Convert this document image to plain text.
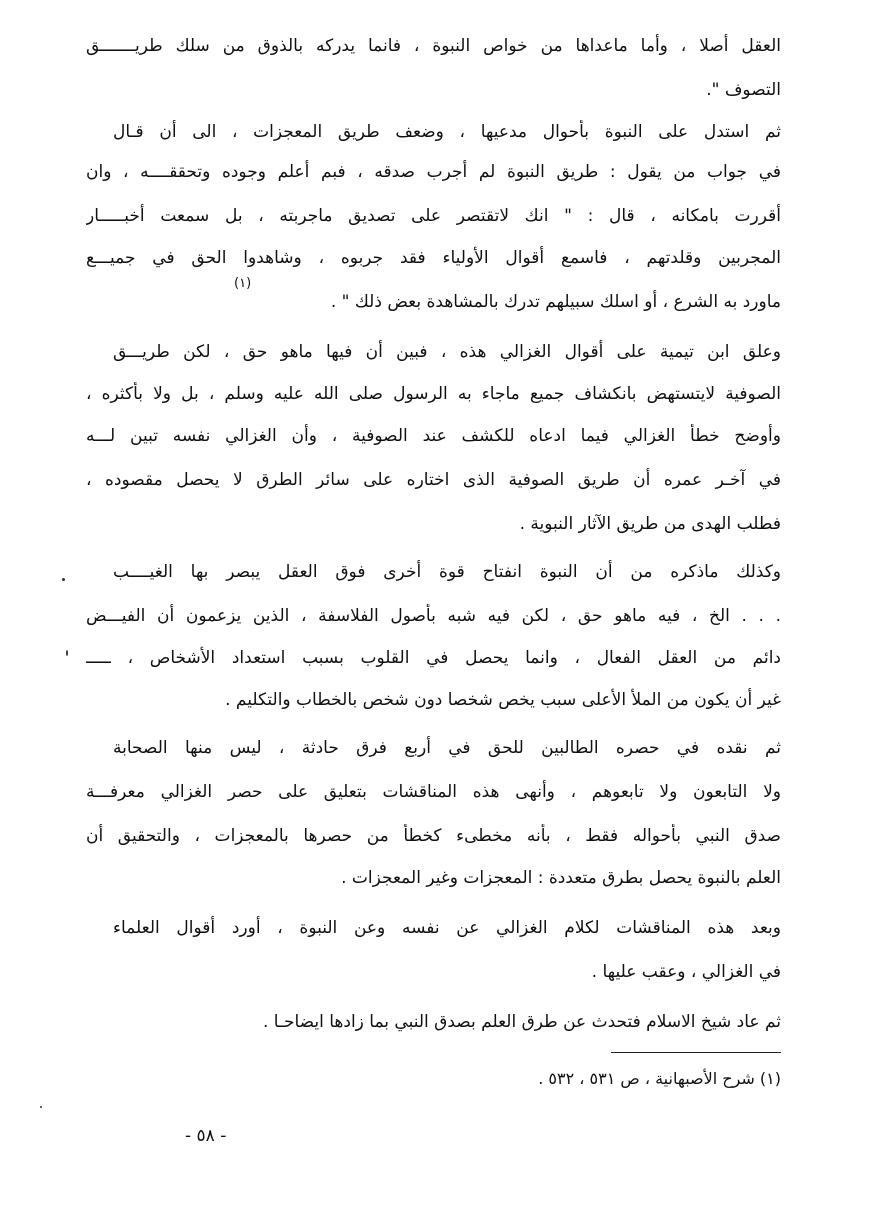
العقل أصلا ، وأما ماعداها من خواص النبوة ، فانما يدركه بالذوق من سلك طريـــــــق
التصوف ".
ثم استدل على النبوة بأحوال مدعيها ، وضعف طريق المعجزات ، الى أن قـال
في جواب من يقول : طريق النبوة لم أجرب صدقه ، فبم أعلم وجوده وتحققــــه ، وان
أقررت بامكانه ، قال : " انك لاتقتصر على تصديق ماجربته ، بل سمعت أخبـــــار
المجربين وقلدتهم ، فاسمع أقوال الأولياء فقد جربوه ، وشاهدوا الحق في جميـــع
ماورد به الشرع ، أو اسلك سبيلهم تدرك بالمشاهدة بعض ذلك " .
(١)
وعلق ابن تيمية على أقوال الغزالي هذه ، فبين أن فيها ماهو حق ، لكن طريـــق
الصوفية لايتستهض بانكشاف جميع ماجاء به الرسول صلى الله عليه وسلم ، بل ولا بأكثره ،
وأوضح خطأ الغزالي فيما ادعاه للكشف عند الصوفية ، وأن الغزالي نفسه تبين لـــه
في آخـر عمره أن طريق الصوفية الذى اختاره على سائر الطرق لا يحصل مقصوده ،
فطلب الهدى من طريق الآثار النبوية .
وكذلك ماذكره من أن النبوة انفتاح قوة أخرى فوق العقل يبصر بها الغيــــب
. . . الخ ، فيه ماهو حق ، لكن فيه شبه بأصول الفلاسفة ، الذين يزعمون أن الفيـــض
دائم من العقل الفعال ، وانما يحصل في القلوب بسبب استعداد الأشخاص ، ـــــ
غير أن يكون من الملأ الأعلى سبب يخص شخصا دون شخص بالخطاب والتكليم .
ثم نقده في حصره الطالبين للحق في أربع فرق حادثة ، ليس منها الصحابة
ولا التابعون ولا تابعوهم ، وأنهى هذه المناقشات بتعليق على حصر الغزالي معرفـــة
صدق النبي بأحواله فقط ، بأنه مخطىء كخطأ من حصرها بالمعجزات ، والتحقيق أن
العلم بالنبوة يحصل بطرق متعددة : المعجزات وغير المعجزات .
وبعد هذه المناقشات لكلام الغزالي عن نفسه وعن النبوة ، أورد أقوال العلماء
في الغزالي ، وعقب عليها .
ثم عاد شيخ الاسلام فتحدث عن طرق العلم بصدق النبي بما زادها ايضاحـا .
(١) شرح الأصبهانية ، ص ٥٣١ ، ٥٣٢ .
- ٥٨ -
